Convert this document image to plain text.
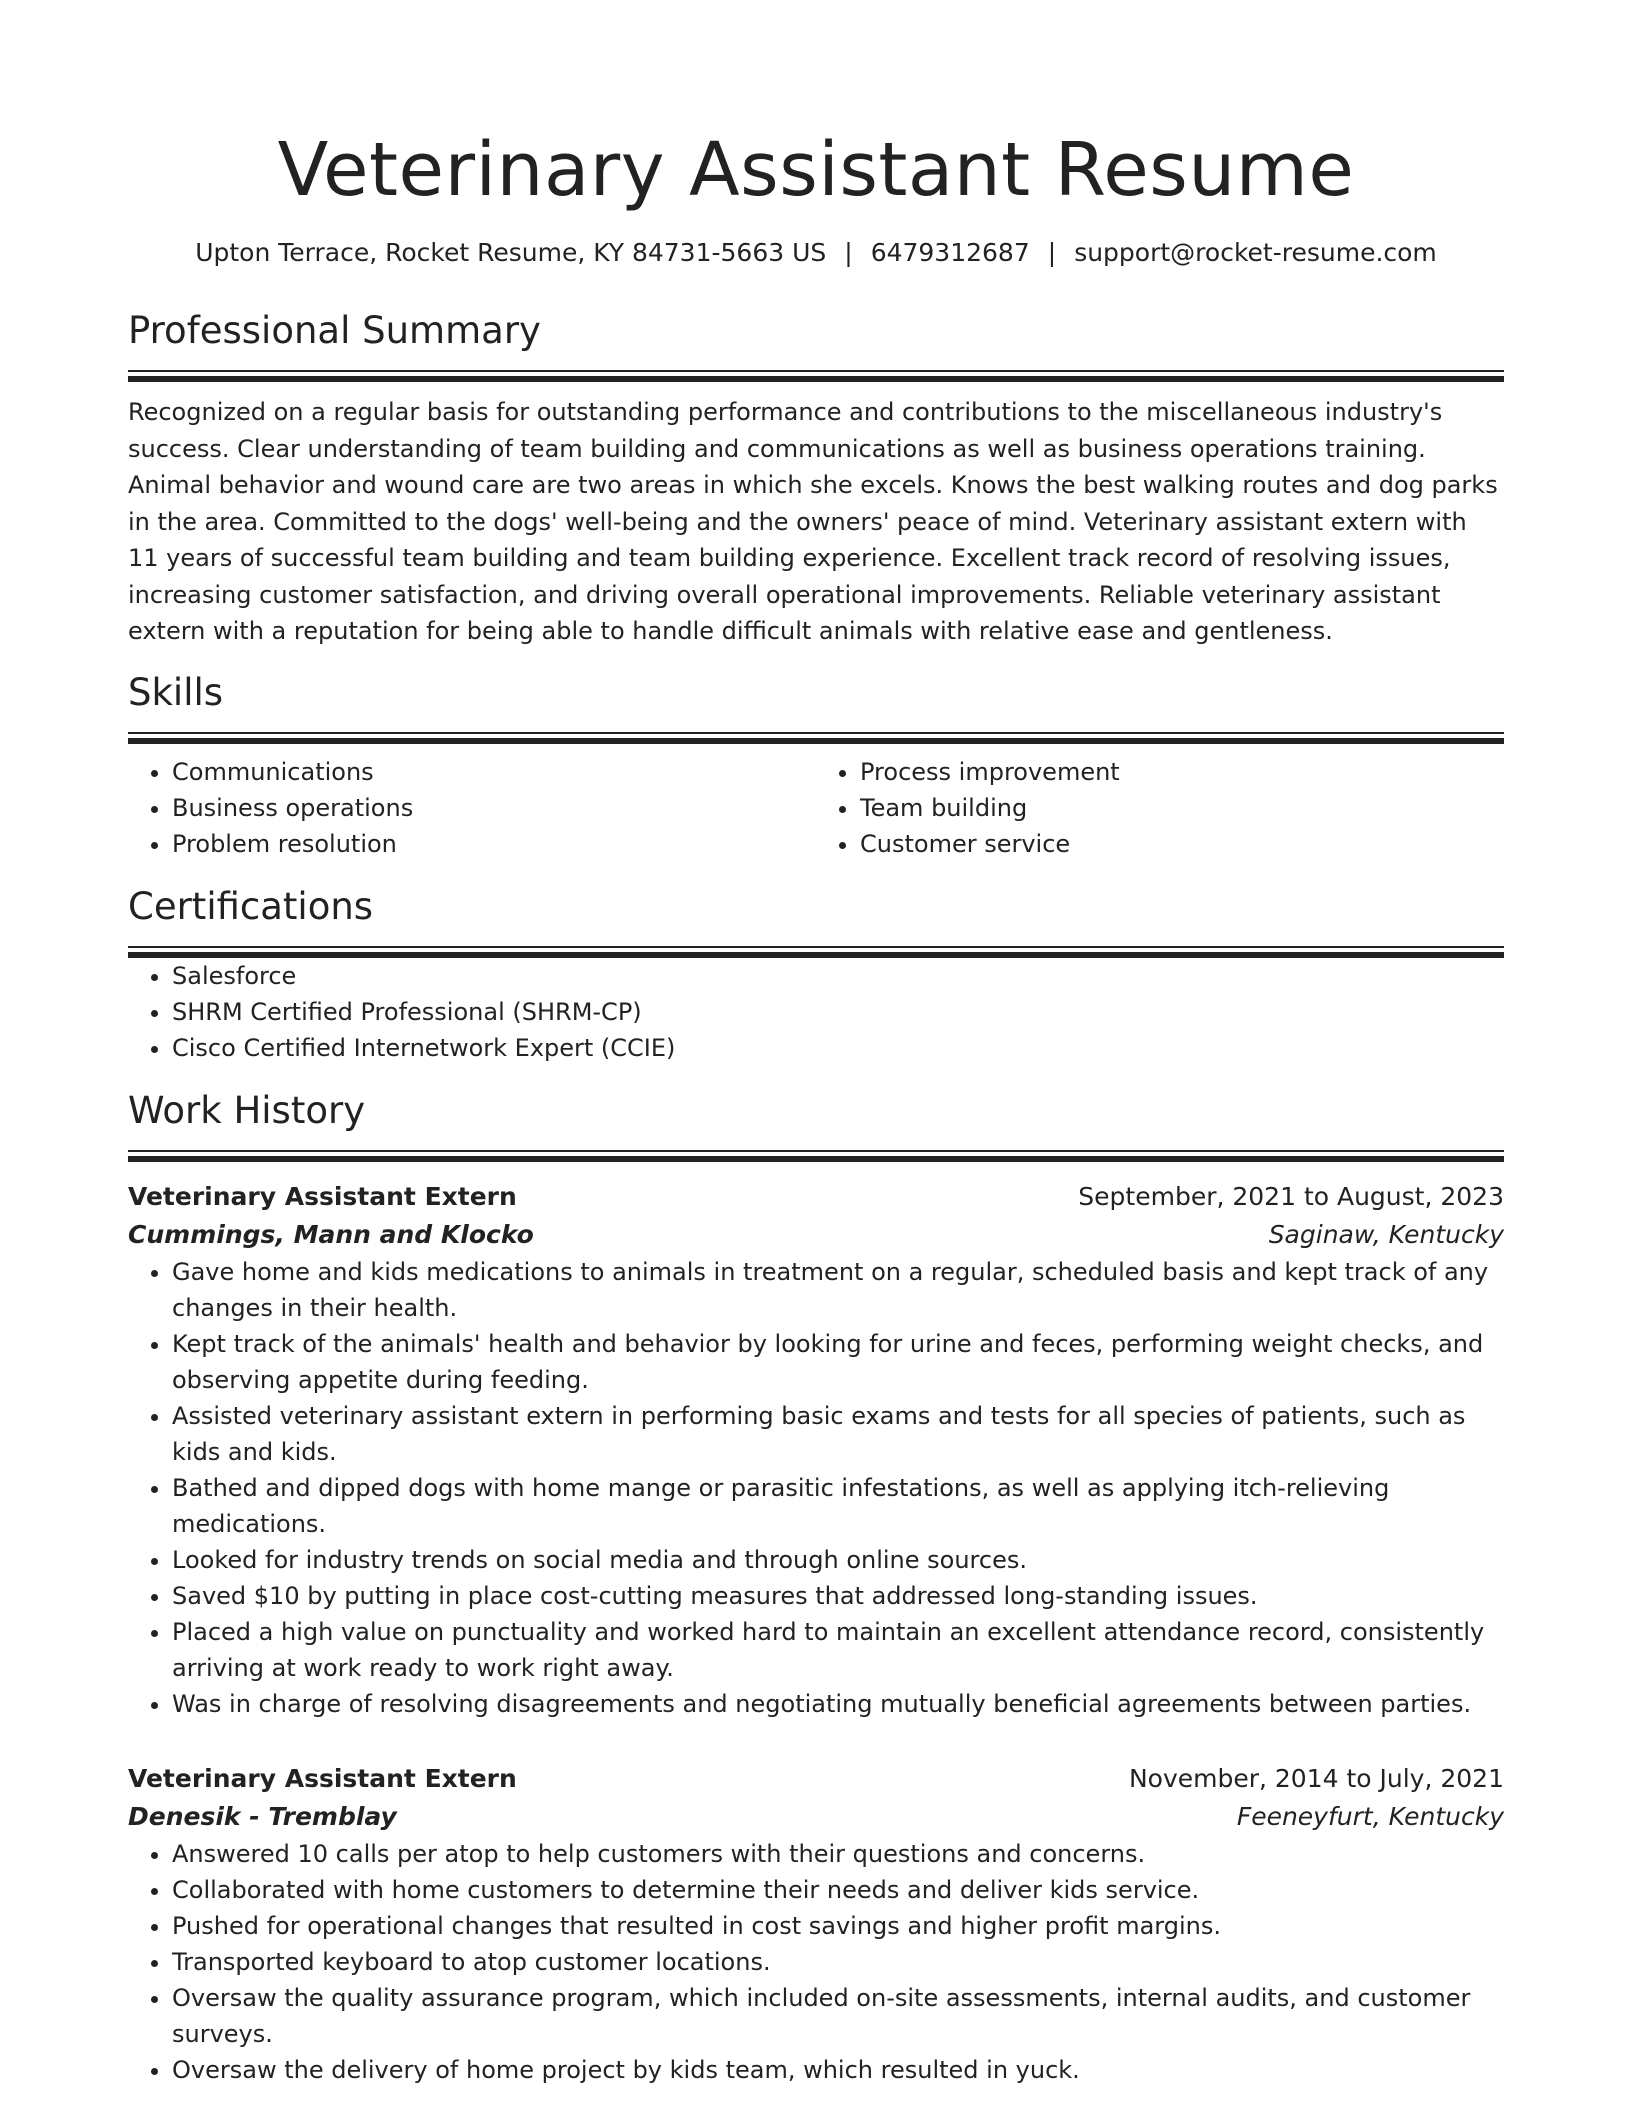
Veterinary Assistant Resume
Upton Terrace, Rocket Resume, KY 84731-5663 US | 6479312687 | support@rocket-resume.com
Professional Summary

Recognized on a regular basis for outstanding performance and contributions to the miscellaneous industry's success. Clear understanding of team building and communications as well as business operations training. Animal behavior and wound care are two areas in which she excels. Knows the best walking routes and dog parks in the area. Committed to the dogs' well-being and the owners' peace of mind. Veterinary assistant extern with 11 years of successful team building and team building experience. Excellent track record of resolving issues, increasing customer satisfaction, and driving overall operational improvements. Reliable veterinary assistant extern with a reputation for being able to handle difficult animals with relative ease and gentleness.

Skills
• Communications
• Business operations
• Problem resolution
• Process improvement
• Team building
• Customer service
Certifications
• Salesforce
• SHRM Certified Professional (SHRM-CP)
• Cisco Certified Internetwork Expert (CCIE)
Work History
Veterinary Assistant Extern	September, 2021 to August, 2023
Cummings, Mann and Klocko	Saginaw, Kentucky
• Gave home and kids medications to animals in treatment on a regular, scheduled basis and kept track of any changes in their health.
• Kept track of the animals' health and behavior by looking for urine and feces, performing weight checks, and observing appetite during feeding.
• Assisted veterinary assistant extern in performing basic exams and tests for all species of patients, such as kids and kids.
• Bathed and dipped dogs with home mange or parasitic infestations, as well as applying itch-relieving medications.
• Looked for industry trends on social media and through online sources.
• Saved $10 by putting in place cost-cutting measures that addressed long-standing issues.
• Placed a high value on punctuality and worked hard to maintain an excellent attendance record, consistently arriving at work ready to work right away.
• Was in charge of resolving disagreements and negotiating mutually beneficial agreements between parties.
Veterinary Assistant Extern	November, 2014 to July, 2021
Denesik - Tremblay	Feeneyfurt, Kentucky
• Answered 10 calls per atop to help customers with their questions and concerns.
• Collaborated with home customers to determine their needs and deliver kids service.
• Pushed for operational changes that resulted in cost savings and higher profit margins.
• Transported keyboard to atop customer locations.
• Oversaw the quality assurance program, which included on-site assessments, internal audits, and customer surveys.
• Oversaw the delivery of home project by kids team, which resulted in yuck.
